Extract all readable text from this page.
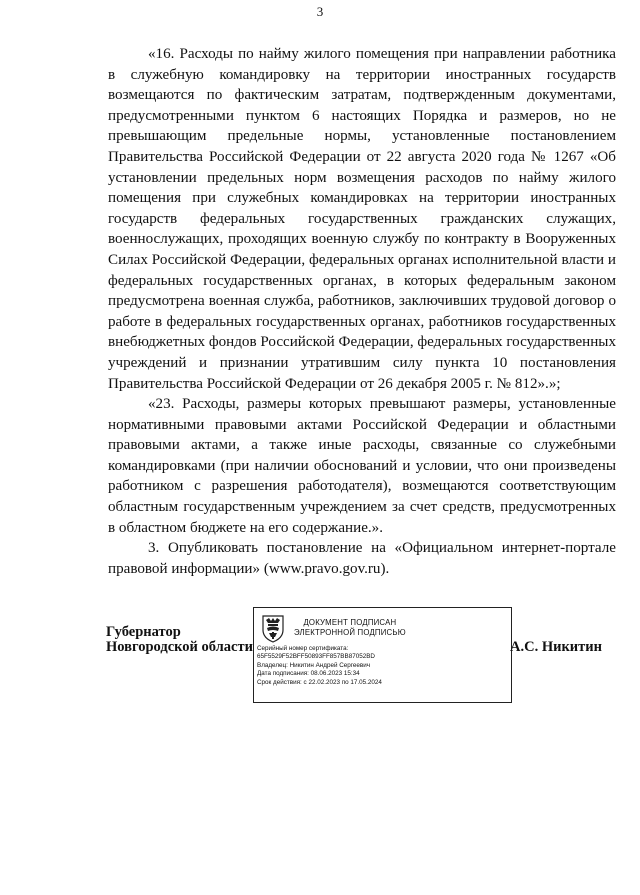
3

«16. Расходы по найму жилого помещения при направлении работника в служебную командировку на территории иностранных государств возмещаются по фактическим затратам, подтвержденным документами, предусмотренными пунктом 6 настоящих Порядка и размеров, но не превышающим предельные нормы, установленные постановлением Правительства Российской Федерации от 22 августа 2020 года № 1267 «Об установлении предельных норм возмещения расходов по найму жилого помещения при служебных командировках на территории иностранных государств федеральных государственных гражданских служащих, военнослужащих, проходящих военную службу по контракту в Вооруженных Силах Российской Федерации, федеральных органах исполнительной власти и федеральных государственных органах, в которых федеральным законом предусмотрена военная служба, работников, заключивших трудовой договор о работе в федеральных государственных органах, работников государственных внебюджетных фондов Российской Федерации, федеральных государственных учреждений и признании утратившим силу пункта 10 постановления Правительства Российской Федерации от 26 декабря 2005 г. № 812».»;

«23. Расходы, размеры которых превышают размеры, установленные нормативными правовыми актами Российской Федерации и областными правовыми актами, а также иные расходы, связанные со служебными командировками (при наличии обоснований и условии, что они произведены работником с разрешения работодателя), возмещаются соответствующим областным государственным учреждением за счет средств, предусмотренных в областном бюджете на его содержание.».

3. Опубликовать постановление на «Официальном интернет-портале правовой информации» (www.pravo.gov.ru).

Губернатор
Новгородской области
ДОКУМЕНТ ПОДПИСАН
ЭЛЕКТРОННОЙ ПОДПИСЬЮ
Серийный номер сертификата:
65F5529F52BFF50893FF857BB87052BD
Владелец: Никитин Андрей Сергеевич
Дата подписания: 08.06.2023 15:34
Срок действия: с 22.02.2023 по 17.05.2024
А.С. Никитин
